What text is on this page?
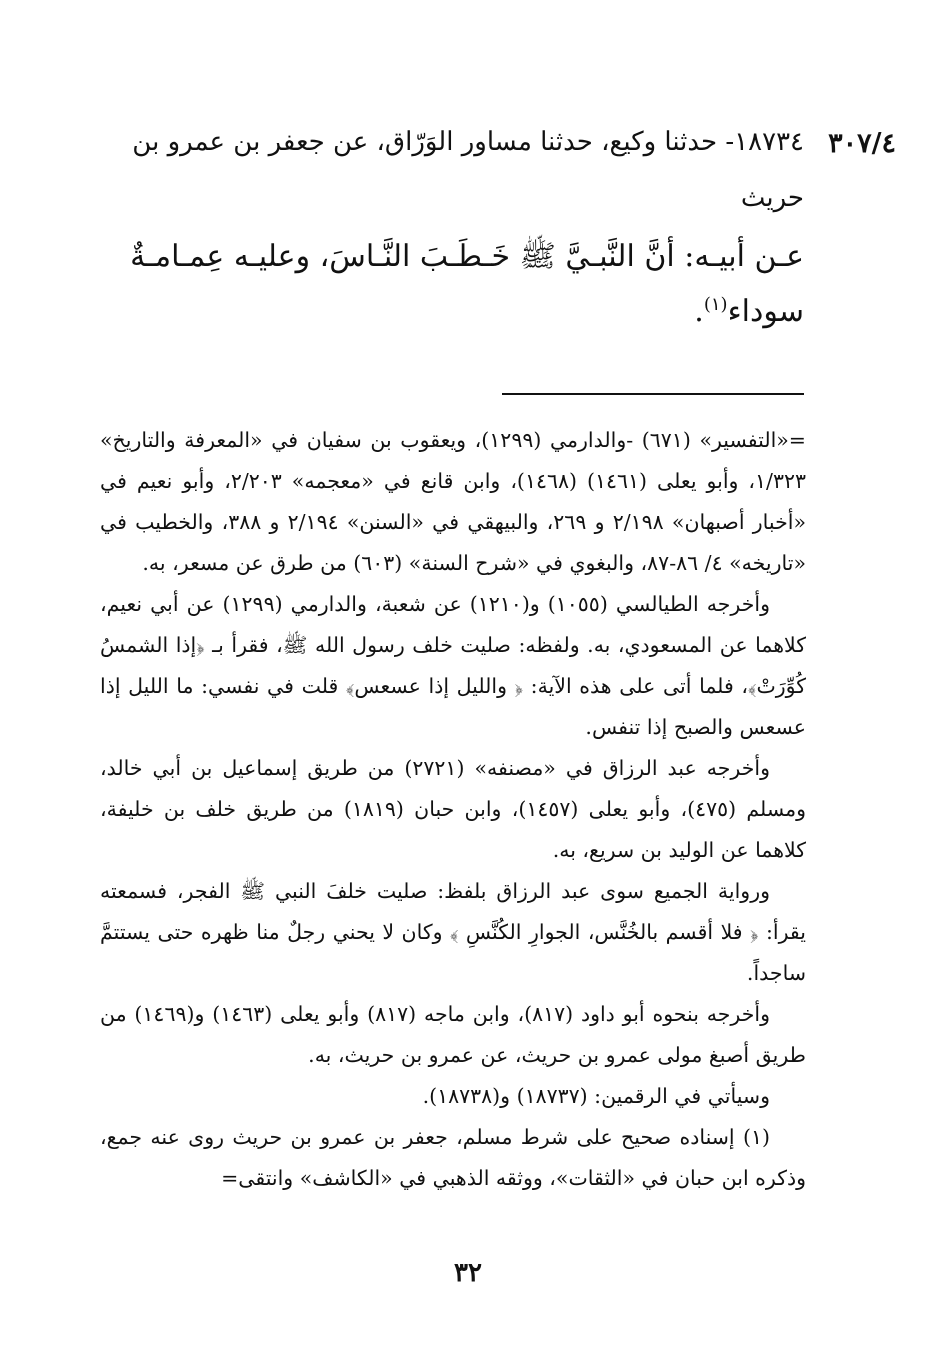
٣٠٧/٤
١٨٧٣٤- حدثنا وكيع، حدثنا مساور الوَرّاق، عن جعفر بن عمرو بن
حريث
عـن أبيـه: أنَّ النَّبـيَّ ﷺ خَـطَـبَ النَّـاسَ، وعليـه عِمـامـةٌ
سوداء$^{(١)}$.

=«التفسير» (٦٧١) -والدارمي (١٢٩٩)، ويعقوب بن سفيان في «المعرفة والتاريخ» ١/٣٢٣، وأبو يعلى (١٤٦١) (١٤٦٨)، وابن قانع في «معجمه» ٢/٢٠٣، وأبو نعيم في «أخبار أصبهان» ٢/١٩٨ و ٢٦٩، والبيهقي في «السنن» ٢/١٩٤ و ٣٨٨، والخطيب في «تاريخه» ٤/ ٨٦-٨٧، والبغوي في «شرح السنة» (٦٠٣) من طرق عن مسعر، به.

وأخرجه الطيالسي (١٠٥٥) و(١٢١٠) عن شعبة، والدارمي (١٢٩٩) عن أبي نعيم، كلاهما عن المسعودي، به. ولفظه: صليت خلف رسول الله ﷺ، فقرأ بـ ﴿إذا الشمسُ كُوِّرَتْ﴾، فلما أتى على هذه الآية: ﴿ والليل إذا عسعس﴾ قلت في نفسي: ما الليل إذا عسعس والصبح إذا تنفس.

وأخرجه عبد الرزاق في «مصنفه» (٢٧٢١) من طريق إسماعيل بن أبي خالد، ومسلم (٤٧٥)، وأبو يعلى (١٤٥٧)، وابن حبان (١٨١٩) من طريق خلف بن خليفة، كلاهما عن الوليد بن سريع، به.

ورواية الجميع سوى عبد الرزاق بلفظ: صليت خلفَ النبي ﷺ الفجر، فسمعته يقرأ: ﴿ فلا أقسم بالخُنَّس، الجوارِ الكُنَّسِ ﴾ وكان لا يحني رجلٌ منا ظهره حتى يستتمَّ ساجداً.

وأخرجه بنحوه أبو داود (٨١٧)، وابن ماجه (٨١٧) وأبو يعلى (١٤٦٣) و(١٤٦٩) من طريق أصبغ مولى عمرو بن حريث، عن عمرو بن حريث، به.

وسيأتي في الرقمين: (١٨٧٣٧) و(١٨٧٣٨).

(١) إسناده صحيح على شرط مسلم، جعفر بن عمرو بن حريث روى عنه جمع، وذكره ابن حبان في «الثقات»، ووثقه الذهبي في «الكاشف» وانتقى=

٣٢
